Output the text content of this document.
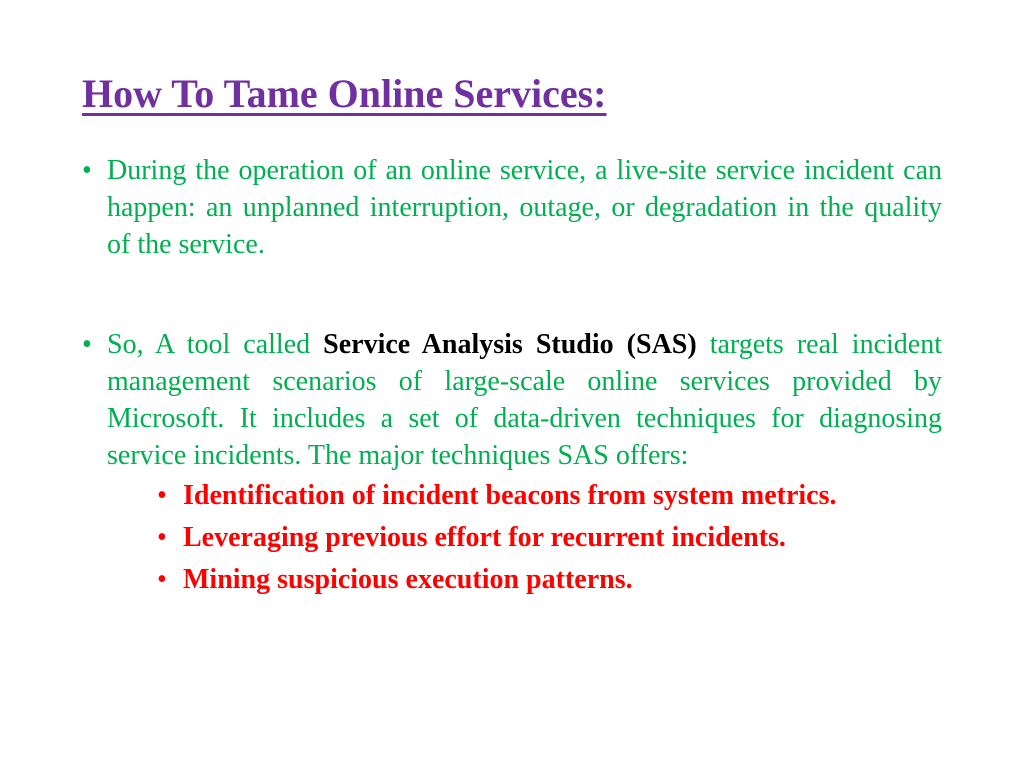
How To Tame Online Services:
• During the operation of an online service, a live-site service incident can happen: an unplanned interruption, outage, or degradation in the quality of the service.
• So, A tool called Service Analysis Studio (SAS) targets real incident management scenarios of large-scale online services provided by Microsoft. It includes a set of data-driven techniques for diagnosing service incidents. The major techniques SAS offers:
• Identification of incident beacons from system metrics.
• Leveraging previous effort for recurrent incidents.
• Mining suspicious execution patterns.
